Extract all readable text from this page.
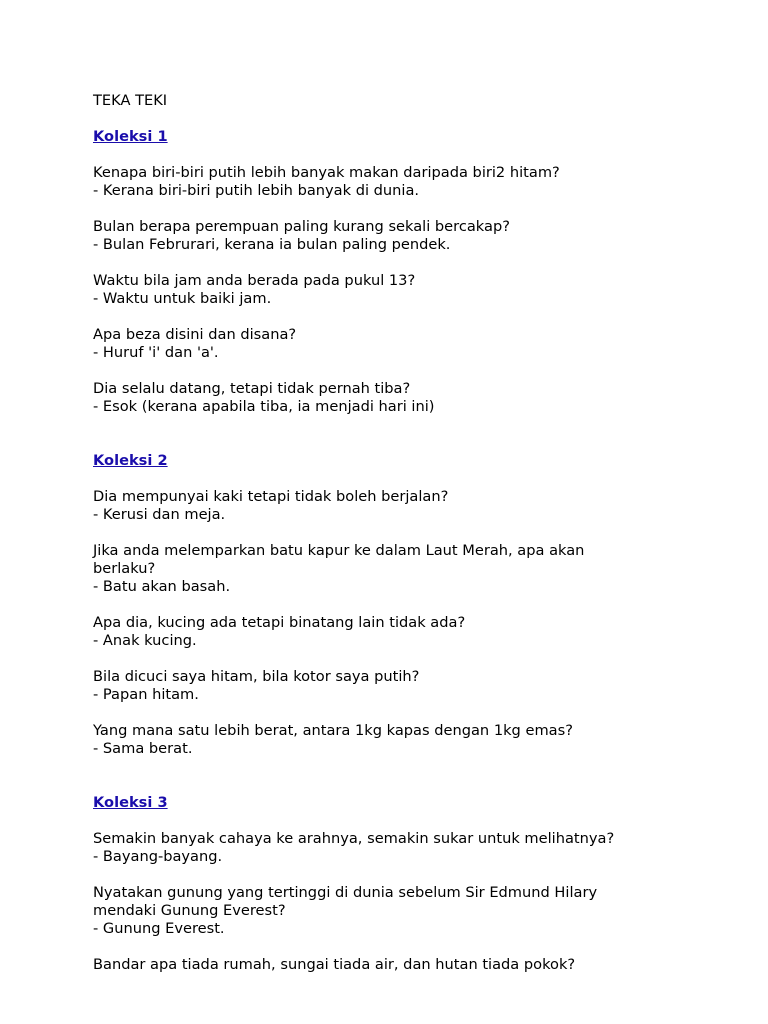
TEKA TEKI
Koleksi 1
Kenapa biri-biri putih lebih banyak makan daripada biri2 hitam?
- Kerana biri-biri putih lebih banyak di dunia.
Bulan berapa perempuan paling kurang sekali bercakap?
- Bulan Februrari, kerana ia bulan paling pendek.
Waktu bila jam anda berada pada pukul 13?
- Waktu untuk baiki jam.
Apa beza disini dan disana?
- Huruf 'i' dan 'a'.
Dia selalu datang, tetapi tidak pernah tiba?
- Esok (kerana apabila tiba, ia menjadi hari ini)
Koleksi 2
Dia mempunyai kaki tetapi tidak boleh berjalan?
- Kerusi dan meja.
Jika anda melemparkan batu kapur ke dalam Laut Merah, apa akan berlaku?
- Batu akan basah.
Apa dia, kucing ada tetapi binatang lain tidak ada?
- Anak kucing.
Bila dicuci saya hitam, bila kotor saya putih?
- Papan hitam.
Yang mana satu lebih berat, antara 1kg kapas dengan 1kg emas?
- Sama berat.
Koleksi 3
Semakin banyak cahaya ke arahnya, semakin sukar untuk melihatnya?
- Bayang-bayang.
Nyatakan gunung yang tertinggi di dunia sebelum Sir Edmund Hilary mendaki Gunung Everest?
- Gunung Everest.
Bandar apa tiada rumah, sungai tiada air, dan hutan tiada pokok?
